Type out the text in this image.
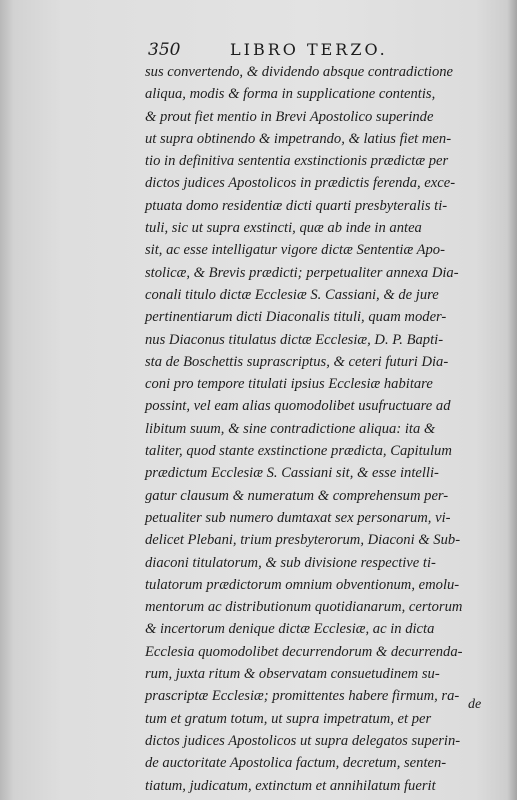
350	LIBRO TERZO.
sus convertendo, & dividendo absque contradictione
aliqua, modis & forma in supplicatione contentis,
& prout fiet mentio in Brevi Apostolico superinde
ut supra obtinendo & impetrando, & latius fiet men-
tio in definitiva sententia exstinctionis prædictæ per
dictos judices Apostolicos in prædictis ferenda, exce-
ptuata domo residentiæ dicti quarti presbyteralis ti-
tuli, sic ut supra exstincti, quæ ab inde in antea
sit, ac esse intelligatur vigore dictæ Sententiæ Apo-
stolicæ, & Brevis prædicti; perpetualiter annexa Dia-
conali titulo dictæ Ecclesiæ S. Cassiani, & de jure
pertinentiarum dicti Diaconalis tituli, quam moder-
nus Diaconus titulatus dictæ Ecclesiæ, D. P. Bapti-
sta de Boschettis suprascriptus, & ceteri futuri Dia-
coni pro tempore titulati ipsius Ecclesiæ habitare
possint, vel eam alias quomodolibet usufructuare ad
libitum suum, & sine contradictione aliqua: ita &
taliter, quod stante exstinctione prædicta, Capitulum
prædictum Ecclesiæ S. Cassiani sit, & esse intelli-
gatur clausum & numeratum & comprehensum per-
petualiter sub numero dumtaxat sex personarum, vi-
delicet Plebani, trium presbyterorum, Diaconi & Sub-
diaconi titulatorum, & sub divisione respective ti-
tulatorum prædictorum omnium obventionum, emolu-
mentorum ac distributionum quotidianarum, certorum
& incertorum denique dictæ Ecclesiæ, ac in dicta
Ecclesia quomodolibet decurrendorum & decurrenda-
rum, juxta ritum & observatam consuetudinem su-
prascriptæ Ecclesiæ; promittentes habere firmum, ra-
tum et gratum totum, ut supra impetratum, et per
dictos judices Apostolicos ut supra delegatos superin-
de auctoritate Apostolica factum, decretum, senten-
tiatum, judicatum, extinctum et annihilatum fuerit
de
